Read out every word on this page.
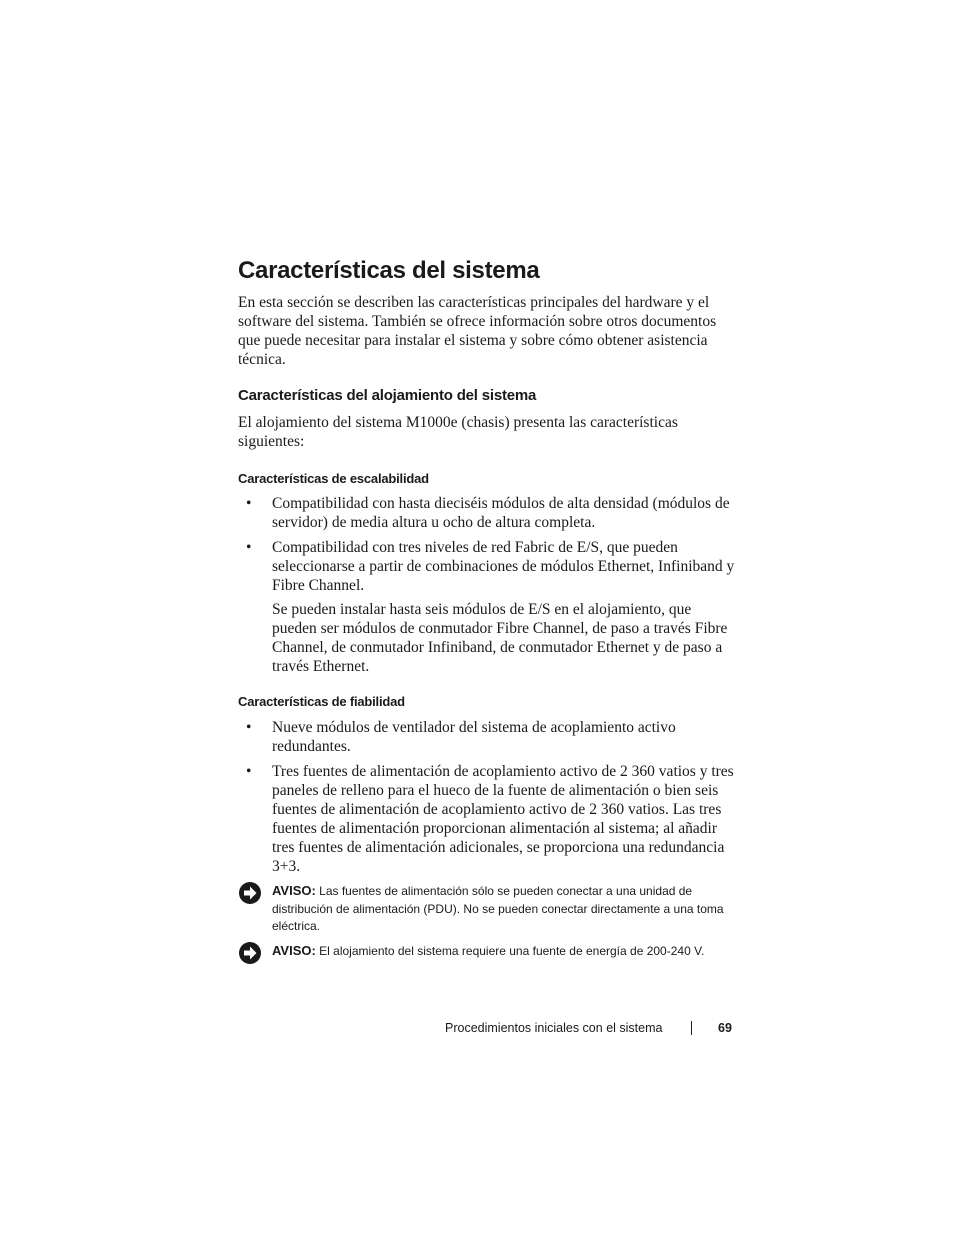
Características del sistema

En esta sección se describen las características principales del hardware y el software del sistema. También se ofrece información sobre otros documentos que puede necesitar para instalar el sistema y sobre cómo obtener asistencia técnica.

Características del alojamiento del sistema

El alojamiento del sistema M1000e (chasis) presenta las características siguientes:

Características de escalabilidad
• Compatibilidad con hasta dieciséis módulos de alta densidad (módulos de servidor) de media altura u ocho de altura completa.

• Compatibilidad con tres niveles de red Fabric de E/S, que pueden seleccionarse a partir de combinaciones de módulos Ethernet, Infiniband y Fibre Channel.

Se pueden instalar hasta seis módulos de E/S en el alojamiento, que pueden ser módulos de conmutador Fibre Channel, de paso a través Fibre Channel, de conmutador Infiniband, de conmutador Ethernet y de paso a través Ethernet.

Características de fiabilidad
• Nueve módulos de ventilador del sistema de acoplamiento activo redundantes.

• Tres fuentes de alimentación de acoplamiento activo de 2 360 vatios y tres paneles de relleno para el hueco de la fuente de alimentación o bien seis fuentes de alimentación de acoplamiento activo de 2 360 vatios. Las tres fuentes de alimentación proporcionan alimentación al sistema; al añadir tres fuentes de alimentación adicionales, se proporciona una redundancia 3+3.

AVISO: Las fuentes de alimentación sólo se pueden conectar a una unidad de distribución de alimentación (PDU). No se pueden conectar directamente a una toma eléctrica.

AVISO: El alojamiento del sistema requiere una fuente de energía de 200-240 V.

Procedimientos iniciales con el sistema	69
